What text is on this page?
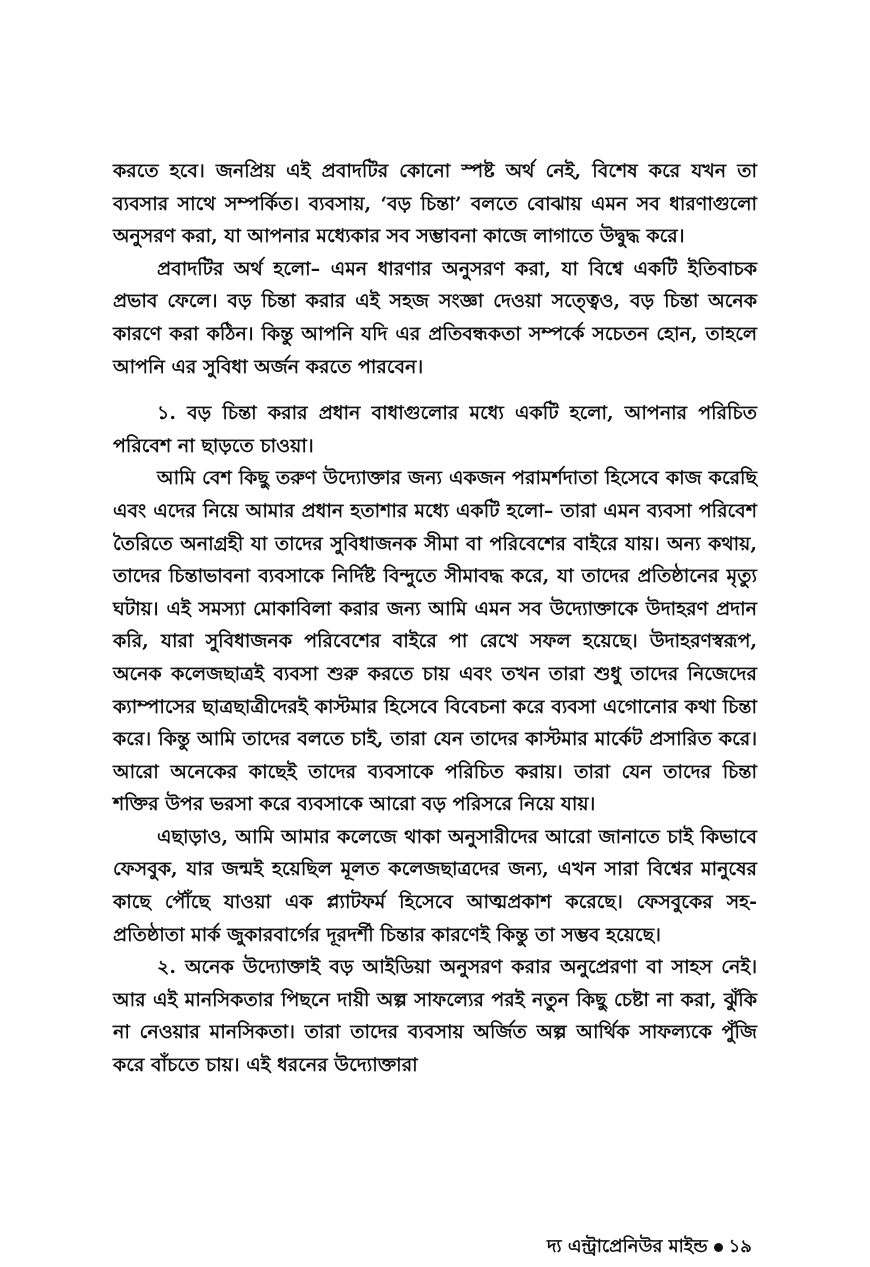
করতে হবে। জনপ্রিয় এই প্রবাদটির কোনো স্পষ্ট অর্থ নেই, বিশেষ করে যখন তা ব্যবসার সাথে সম্পর্কিত। ব্যবসায়, ‘বড় চিন্তা’ বলতে বোঝায় এমন সব ধারণাগুলো অনুসরণ করা, যা আপনার মধ্যেকার সব সম্ভাবনা কাজে লাগাতে উদ্বুদ্ধ করে।

প্রবাদটির অর্থ হলো– এমন ধারণার অনুসরণ করা, যা বিশ্বে একটি ইতিবাচক প্রভাব ফেলে। বড় চিন্তা করার এই সহজ সংজ্ঞা দেওয়া সত্ত্বেও, বড় চিন্তা অনেক কারণে করা কঠিন। কিন্তু আপনি যদি এর প্রতিবন্ধকতা সম্পর্কে সচেতন হোন, তাহলে আপনি এর সুবিধা অর্জন করতে পারবেন।

১. বড় চিন্তা করার প্রধান বাধাগুলোর মধ্যে একটি হলো, আপনার পরিচিত পরিবেশ না ছাড়তে চাওয়া।

আমি বেশ কিছু তরুণ উদ্যোক্তার জন্য একজন পরামর্শদাতা হিসেবে কাজ করেছি এবং এদের নিয়ে আমার প্রধান হতাশার মধ্যে একটি হলো– তারা এমন ব্যবসা পরিবেশ তৈরিতে অনাগ্রহী যা তাদের সুবিধাজনক সীমা বা পরিবেশের বাইরে যায়। অন্য কথায়, তাদের চিন্তাভাবনা ব্যবসাকে নির্দিষ্ট বিন্দুতে সীমাবদ্ধ করে, যা তাদের প্রতিষ্ঠানের মৃত্যু ঘটায়। এই সমস্যা মোকাবিলা করার জন্য আমি এমন সব উদ্যোক্তাকে উদাহরণ প্রদান করি, যারা সুবিধাজনক পরিবেশের বাইরে পা রেখে সফল হয়েছে। উদাহরণস্বরূপ, অনেক কলেজছাত্রই ব্যবসা শুরু করতে চায় এবং তখন তারা শুধু তাদের নিজেদের ক্যাম্পাসের ছাত্রছাত্রীদেরই কাস্টমার হিসেবে বিবেচনা করে ব্যবসা এগোনোর কথা চিন্তা করে। কিন্তু আমি তাদের বলতে চাই, তারা যেন তাদের কাস্টমার মার্কেট প্রসারিত করে। আরো অনেকের কাছেই তাদের ব্যবসাকে পরিচিত করায়। তারা যেন তাদের চিন্তা শক্তির উপর ভরসা করে ব্যবসাকে আরো বড় পরিসরে নিয়ে যায়।

এছাড়াও, আমি আমার কলেজে থাকা অনুসারীদের আরো জানাতে চাই কিভাবে ফেসবুক, যার জন্মই হয়েছিল মূলত কলেজছাত্রদের জন্য, এখন সারা বিশ্বের মানুষের কাছে পৌঁছে যাওয়া এক প্ল্যাটফর্ম হিসেবে আত্মপ্রকাশ করেছে। ফেসবুকের সহ-প্রতিষ্ঠাতা মার্ক জুকারবার্গের দূরদর্শী চিন্তার কারণেই কিন্তু তা সম্ভব হয়েছে।

২. অনেক উদ্যোক্তাই বড় আইডিয়া অনুসরণ করার অনুপ্রেরণা বা সাহস নেই। আর এই মানসিকতার পিছনে দায়ী অল্প সাফল্যের পরই নতুন কিছু চেষ্টা না করা, ঝুঁকি না নেওয়ার মানসিকতা। তারা তাদের ব্যবসায় অর্জিত অল্প আর্থিক সাফল্যকে পুঁজি করে বাঁচতে চায়। এই ধরনের উদ্যোক্তারা

দ্য এন্ট্রাপ্রেনিউর মাইন্ড ১৯
